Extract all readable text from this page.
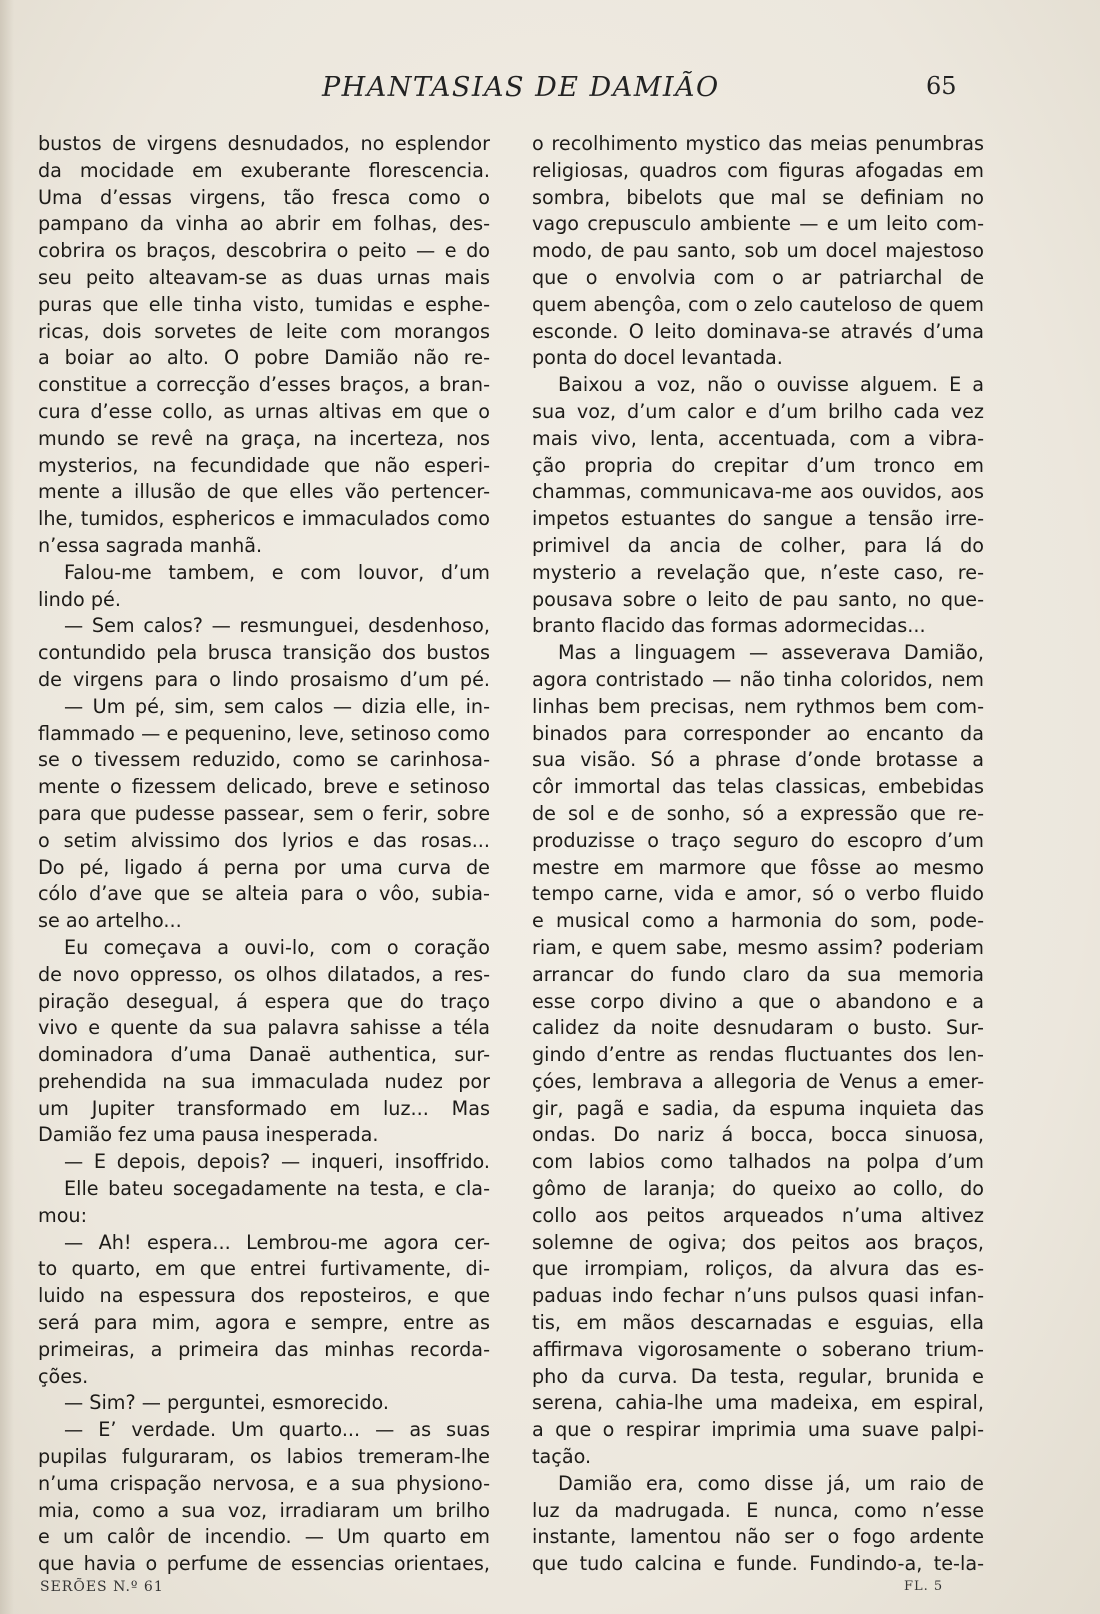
PHANTASIAS DE DAMIÃO	65
bustos de virgens desnudados, no esplendor
da mocidade em exuberante florescencia.
Uma d’essas virgens, tão fresca como o
pampano da vinha ao abrir em folhas, des-
cobrira os braços, descobrira o peito — e do
seu peito alteavam-se as duas urnas mais
puras que elle tinha visto, tumidas e esphe-
ricas, dois sorvetes de leite com morangos
a boiar ao alto. O pobre Damião não re-
constitue a correcção d’esses braços, a bran-
cura d’esse collo, as urnas altivas em que o
mundo se revê na graça, na incerteza, nos
mysterios, na fecundidade que não esperi-
mente a illusão de que elles vão pertencer-
lhe, tumidos, esphericos e immaculados como
n’essa sagrada manhã.
Falou-me tambem, e com louvor, d’um
lindo pé.
— Sem calos? — resmunguei, desdenhoso,
contundido pela brusca transição dos bustos
de virgens para o lindo prosaismo d’um pé.
— Um pé, sim, sem calos — dizia elle, in-
flammado — e pequenino, leve, setinoso como
se o tivessem reduzido, como se carinhosa-
mente o fizessem delicado, breve e setinoso
para que pudesse passear, sem o ferir, sobre
o setim alvissimo dos lyrios e das rosas...
Do pé, ligado á perna por uma curva de
cólo d’ave que se alteia para o vôo, subia-
se ao artelho...
Eu começava a ouvi-lo, com o coração
de novo oppresso, os olhos dilatados, a res-
piração desegual, á espera que do traço
vivo e quente da sua palavra sahisse a téla
dominadora d’uma Danaë authentica, sur-
prehendida na sua immaculada nudez por
um Jupiter transformado em luz... Mas
Damião fez uma pausa inesperada.
— E depois, depois? — inqueri, insoffrido.
Elle bateu socegadamente na testa, e cla-
mou:
— Ah! espera... Lembrou-me agora cer-
to quarto, em que entrei furtivamente, di-
luido na espessura dos reposteiros, e que
será para mim, agora e sempre, entre as
primeiras, a primeira das minhas recorda-
ções.
— Sim? — perguntei, esmorecido.
— E’ verdade. Um quarto... — as suas
pupilas fulguraram, os labios tremeram-lhe
n’uma crispação nervosa, e a sua physiono-
mia, como a sua voz, irradiaram um brilho
e um calôr de incendio. — Um quarto em
que havia o perfume de essencias orientaes,
o recolhimento mystico das meias penumbras
religiosas, quadros com figuras afogadas em
sombra, bibelots que mal se definiam no
vago crepusculo ambiente — e um leito com-
modo, de pau santo, sob um docel majestoso
que o envolvia com o ar patriarchal de
quem abençôa, com o zelo cauteloso de quem
esconde. O leito dominava-se através d’uma
ponta do docel levantada.
Baixou a voz, não o ouvisse alguem. E a
sua voz, d’um calor e d’um brilho cada vez
mais vivo, lenta, accentuada, com a vibra-
ção propria do crepitar d’um tronco em
chammas, communicava-me aos ouvidos, aos
impetos estuantes do sangue a tensão irre-
primivel da ancia de colher, para lá do
mysterio a revelação que, n’este caso, re-
pousava sobre o leito de pau santo, no que-
branto flacido das formas adormecidas...
Mas a linguagem — asseverava Damião,
agora contristado — não tinha coloridos, nem
linhas bem precisas, nem rythmos bem com-
binados para corresponder ao encanto da
sua visão. Só a phrase d’onde brotasse a
côr immortal das telas classicas, embebidas
de sol e de sonho, só a expressão que re-
produzisse o traço seguro do escopro d’um
mestre em marmore que fôsse ao mesmo
tempo carne, vida e amor, só o verbo fluido
e musical como a harmonia do som, pode-
riam, e quem sabe, mesmo assim? poderiam
arrancar do fundo claro da sua memoria
esse corpo divino a que o abandono e a
calidez da noite desnudaram o busto. Sur-
gindo d’entre as rendas fluctuantes dos len-
çóes, lembrava a allegoria de Venus a emer-
gir, pagã e sadia, da espuma inquieta das
ondas. Do nariz á bocca, bocca sinuosa,
com labios como talhados na polpa d’um
gômo de laranja; do queixo ao collo, do
collo aos peitos arqueados n’uma altivez
solemne de ogiva; dos peitos aos braços,
que irrompiam, roliços, da alvura das es-
paduas indo fechar n’uns pulsos quasi infan-
tis, em mãos descarnadas e esguias, ella
affirmava vigorosamente o soberano trium-
pho da curva. Da testa, regular, brunida e
serena, cahia-lhe uma madeixa, em espiral,
a que o respirar imprimia uma suave palpi-
tação.
Damião era, como disse já, um raio de
luz da madrugada. E nunca, como n’esse
instante, lamentou não ser o fogo ardente
que tudo calcina e funde. Fundindo-a, te-la-
SERÕES N.º 61	FL. 5
